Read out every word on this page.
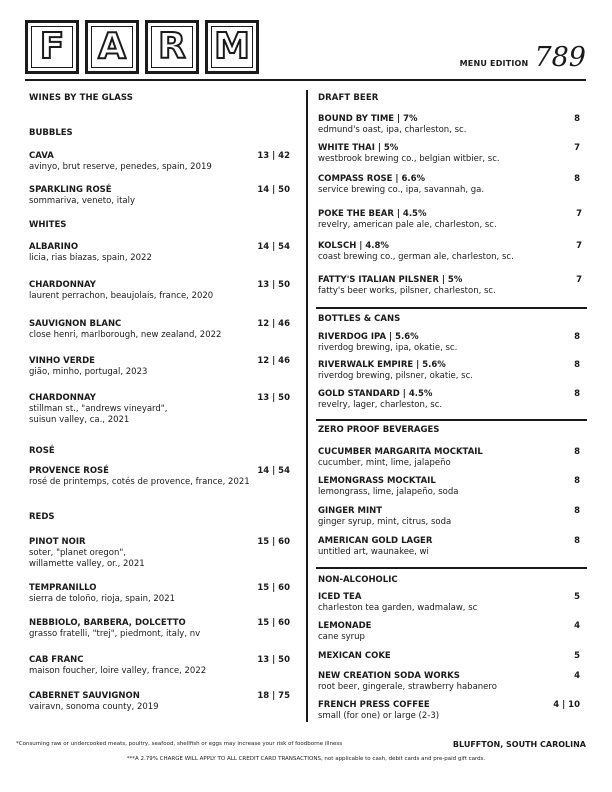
F A R M	MENU EDITION 789
WINES BY THE GLASS
BUBBLES
CAVA
avinyo, brut reserve, penedes, spain, 2019
13 | 42
SPARKLING ROSÉ
sommariva, veneto, italy
14 | 50
WHITES
ALBARINO
licia, rias biazas, spain, 2022
14 | 54
CHARDONNAY
laurent perrachon, beaujolais, france, 2020
13 | 50
SAUVIGNON BLANC
close henri, marlborough, new zealand, 2022
12 | 46
VINHO VERDE
gião, minho, portugal, 2023
12 | 46
CHARDONNAY
stillman st., "andrews vineyard",
suisun valley, ca., 2021
13 | 50
ROSÉ
PROVENCE ROSÉ
rosé de printemps, cotés de provence, france, 2021
14 | 54
REDS
PINOT NOIR
soter, "planet oregon",
willamette valley, or., 2021
15 | 60
TEMPRANILLO
sierra de toloño, rioja, spain, 2021
15 | 60
NEBBIOLO, BARBERA, DOLCETTO
grasso fratelli, "trej", piedmont, italy, nv
15 | 60
CAB FRANC
maison foucher, loire valley, france, 2022
13 | 50
CABERNET SAUVIGNON
vairavn, sonoma county, 2019
18 | 75
DRAFT BEER
BOUND BY TIME | 7%
edmund's oast, ipa, charleston, sc.
8
WHITE THAI | 5%
westbrook brewing co., belgian witbier, sc.
7
COMPASS ROSE | 6.6%
service brewing co., ipa, savannah, ga.
8
POKE THE BEAR | 4.5%
revelry, american pale ale, charleston, sc.
7
KOLSCH | 4.8%
coast brewing co., german ale, charleston, sc.
7
FATTY'S ITALIAN PILSNER | 5%
fatty's beer works, pilsner, charleston, sc.
7
BOTTLES & CANS
RIVERDOG IPA | 5.6%
riverdog brewing, ipa, okatie, sc.
8
RIVERWALK EMPIRE | 5.6%
riverdog brewing, pilsner, okatie, sc.
8
GOLD STANDARD | 4.5%
revelry, lager, charleston, sc.
8
ZERO PROOF BEVERAGES
CUCUMBER MARGARITA MOCKTAIL
cucumber, mint, lime, jalapeño
8
LEMONGRASS MOCKTAIL
lemongrass, lime, jalapeño, soda
8
GINGER MINT
ginger syrup, mint, citrus, soda
8
AMERICAN GOLD LAGER
untitled art, waunakee, wi
8
NON-ALCOHOLIC
ICED TEA
charleston tea garden, wadmalaw, sc
5
LEMONADE
cane syrup
4
MEXICAN COKE	5
NEW CREATION SODA WORKS
root beer, gingerale, strawberry habanero
4
FRENCH PRESS COFFEE
small (for one) or large (2-3)
4 | 10
*Consuming raw or undercooked meats, poultry, seafood, shellfish or eggs may increase your risk of foodborne illness	BLUFFTON, SOUTH CAROLINA
***A 2.79% CHARGE WILL APPLY TO ALL CREDIT CARD TRANSACTIONS, not applicable to cash, debit cards and pre-paid gift cards.
